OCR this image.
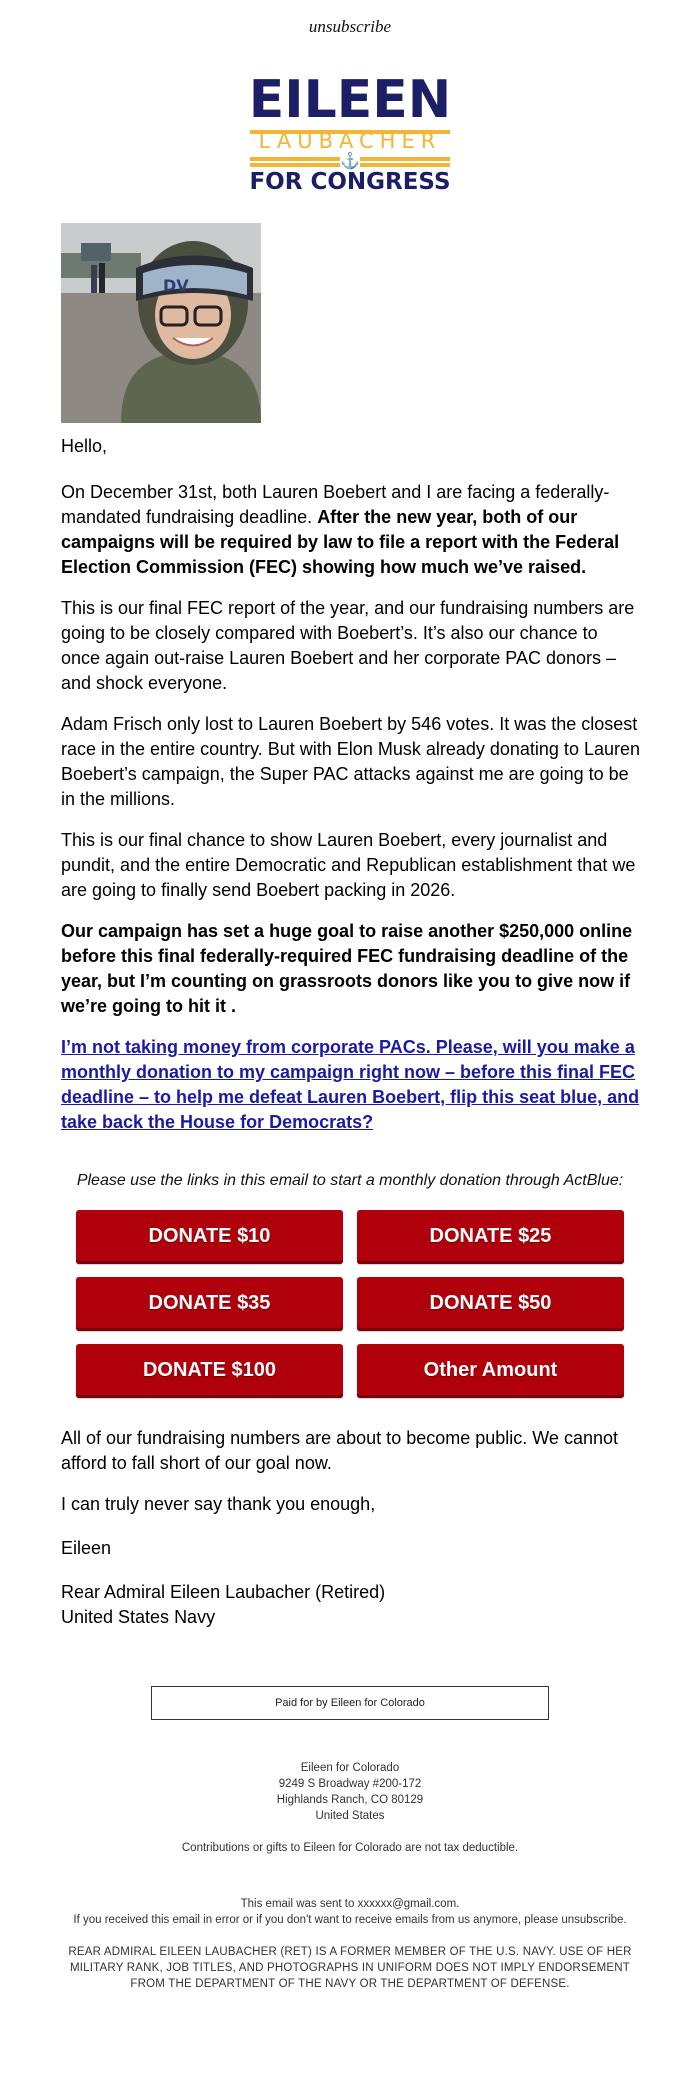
unsubscribe
EILEEN
LAUBACHER
⚓
FOR CONGRESS
DV

Hello,

On December 31st, both Lauren Boebert and I are facing a federally-mandated fundraising deadline. After the new year, both of our campaigns will be required by law to file a report with the Federal Election Commission (FEC) showing how much we’ve raised.

This is our final FEC report of the year, and our fundraising numbers are going to be closely compared with Boebert’s. It’s also our chance to once again out-raise Lauren Boebert and her corporate PAC donors – and shock everyone.

Adam Frisch only lost to Lauren Boebert by 546 votes. It was the closest race in the entire country. But with Elon Musk already donating to Lauren Boebert’s campaign, the Super PAC attacks against me are going to be in the millions.

This is our final chance to show Lauren Boebert, every journalist and pundit, and the entire Democratic and Republican establishment that we are going to finally send Boebert packing in 2026.

Our campaign has set a huge goal to raise another $250,000 online before this final federally-required FEC fundraising deadline of the year, but I’m counting on grassroots donors like you to give now if we’re going to hit it .

I’m not taking money from corporate PACs. Please, will you make a monthly donation to my campaign right now – before this final FEC deadline – to help me defeat Lauren Boebert, flip this seat blue, and take back the House for Democrats?

Please use the links in this email to start a monthly donation through ActBlue:
DONATE $10	DONATE $25
DONATE $35	DONATE $50
DONATE $100	Other Amount

All of our fundraising numbers are about to become public. We cannot afford to fall short of our goal now.

I can truly never say thank you enough,

Eileen

Rear Admiral Eileen Laubacher (Retired)
United States Navy

Paid for by Eileen for Colorado
Eileen for Colorado
9249 S Broadway #200-172
Highlands Ranch, CO 80129
United States
Contributions or gifts to Eileen for Colorado are not tax deductible.
This email was sent to xxxxxx@gmail.com.
If you received this email in error or if you don't want to receive emails from us anymore, please unsubscribe.
REAR ADMIRAL EILEEN LAUBACHER (RET) IS A FORMER MEMBER OF THE U.S. NAVY. USE OF HER MILITARY RANK, JOB TITLES, AND PHOTOGRAPHS IN UNIFORM DOES NOT IMPLY ENDORSEMENT FROM THE DEPARTMENT OF THE NAVY OR THE DEPARTMENT OF DEFENSE.
